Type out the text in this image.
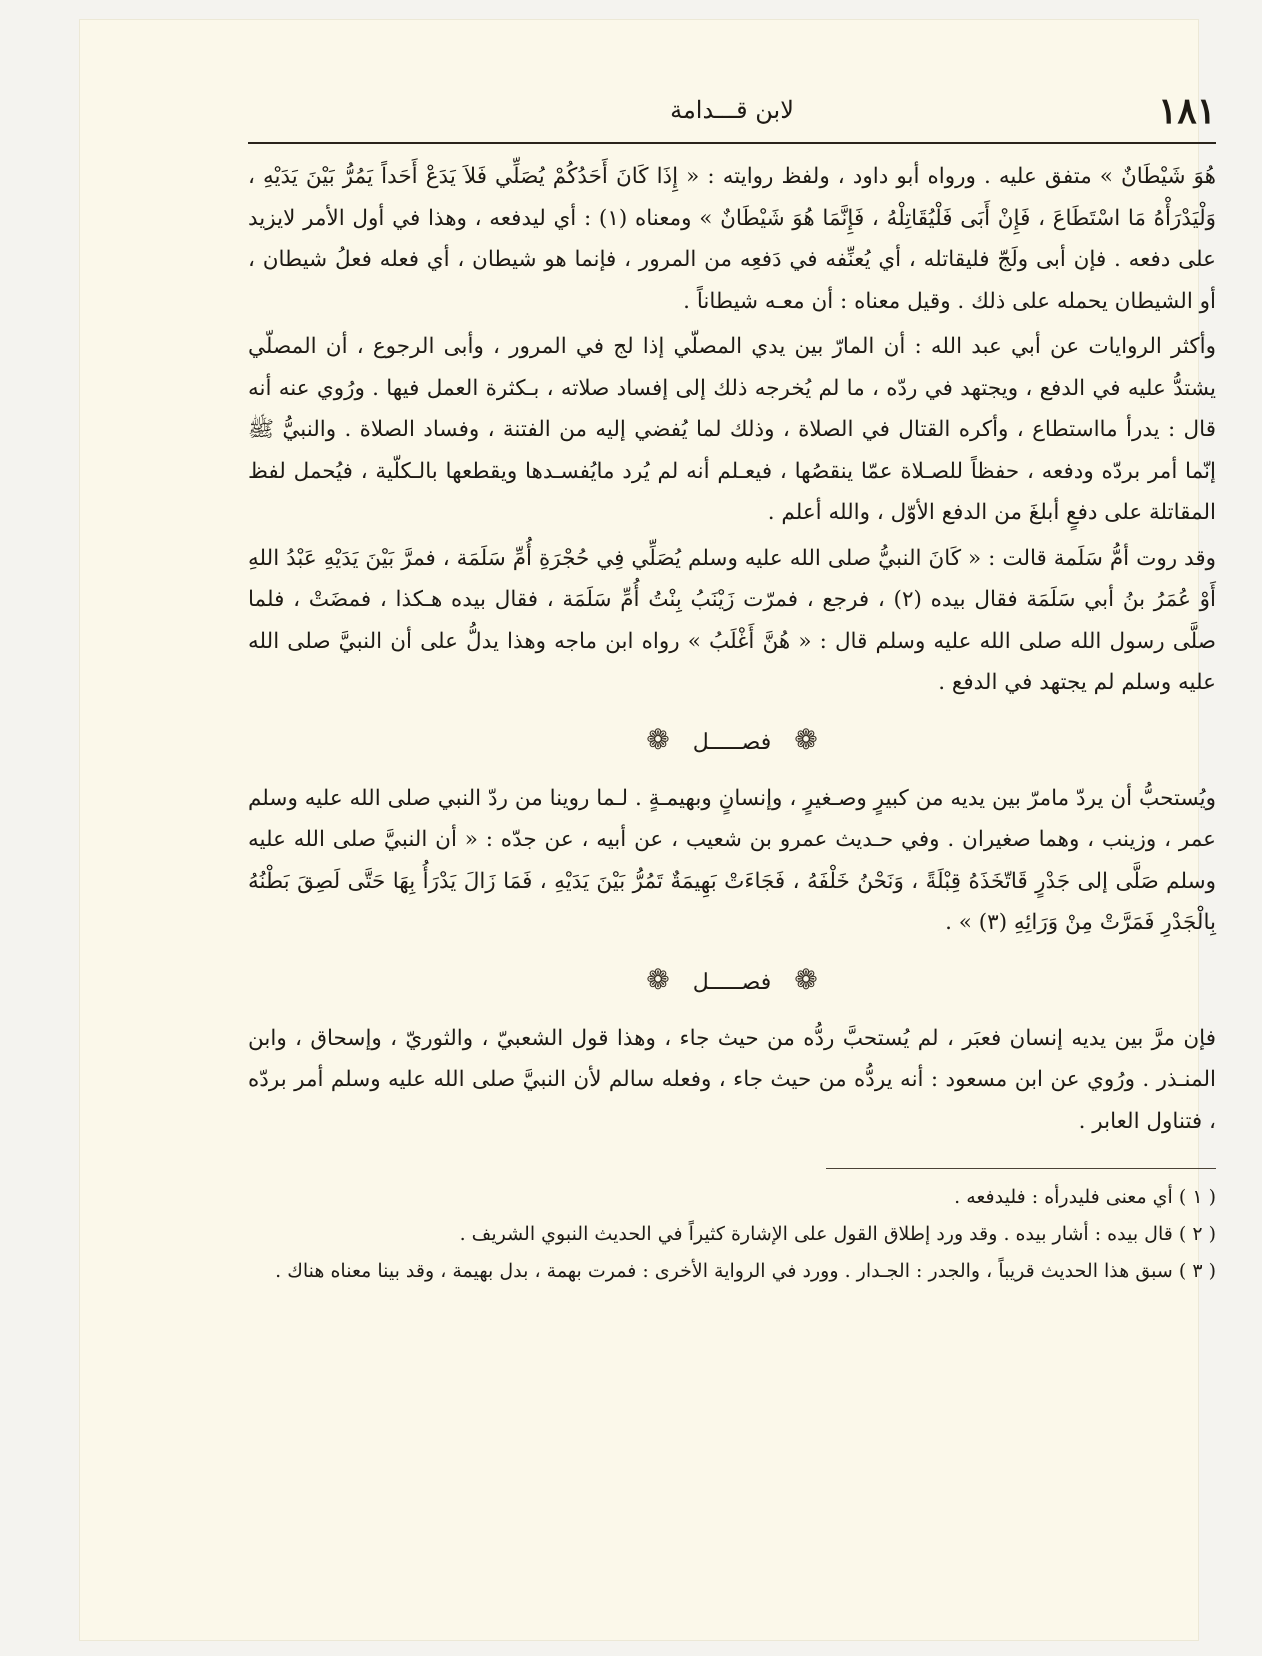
١٨١
لابن قـــدامة

هُوَ شَيْطَانٌ » متفق عليه . ورواه أبو داود ، ولفظ روايته : « إِذَا كَانَ أَحَدُكُمْ يُصَلِّي فَلاَ يَدَعْ أَحَداً يَمُرُّ بَيْنَ يَدَيْهِ ، وَلْيَدْرَأْهُ مَا اسْتَطَاعَ ، فَإِنْ أَبَى فَلْيُقَاتِلْهُ ، فَإِنَّمَا هُوَ شَيْطَانٌ » ومعناه (١) : أي ليدفعه ، وهذا في أول الأمر لايزيد على دفعه . فإن أبى ولَجّ فليقاتله ، أي يُعنِّفه في دَفعِه من المرور ، فإنما هو شيطان ، أي فعله فعلُ شيطان ، أو الشيطان يحمله على ذلك . وقيل معناه : أن معـه شيطاناً .

وأكثر الروايات عن أبي عبد الله : أن المارّ بين يدي المصلّي إذا لج في المرور ، وأبى الرجوع ، أن المصلّي يشتدُّ عليه في الدفع ، ويجتهد في ردّه ، ما لم يُخرجه ذلك إلى إفساد صلاته ، بـكثرة العمل فيها . ورُوي عنه أنه قال : يدرأ مااستطاع ، وأكره القتال في الصلاة ، وذلك لما يُفضي إليه من الفتنة ، وفساد الصلاة . والنبيُّ ﷺ إنّما أمر بردّه ودفعه ، حفظاً للصـلاة عمّا ينقصُها ، فيعـلم أنه لم يُرد مايُفسـدها ويقطعها بالـكلّية ، فيُحمل لفظ المقاتلة على دفعٍ أبلغَ من الدفع الأوّل ، والله أعلم .

وقد روت أمُّ سَلَمة قالت : « كَانَ النبيُّ صلى الله عليه وسلم يُصَلِّي فِي حُجْرَةِ أُمِّ سَلَمَة ، فمرَّ بَيْنَ يَدَيْهِ عَبْدُ اللهِ أَوْ عُمَرُ بنُ أبي سَلَمَة فقال بيده (٢) ، فرجع ، فمرّت زَيْنَبُ بِنْتُ أُمِّ سَلَمَة ، فقال بيده هـكذا ، فمضَتْ ، فلما صلَّى رسول الله صلى الله عليه وسلم قال : « هُنَّ أَغْلَبُ » رواه ابن ماجه وهذا يدلُّ على أن النبيَّ صلى الله عليه وسلم لم يجتهد في الدفع .

❁ فصـــــل ❁

ويُستحبُّ أن يردّ مامرّ بين يديه من كبيرٍ وصـغيرٍ ، وإنسانٍ وبهيمـةٍ . لـما روينا من ردّ النبي صلى الله عليه وسلم عمر ، وزينب ، وهما صغيران . وفي حـديث عمرو بن شعيب ، عن أبيه ، عن جدّه : « أن النبيَّ صلى الله عليه وسلم صَلَّى إلى جَدْرٍ قَاتّخَذَهُ قِبْلَةً ، وَنَحْنُ خَلْفَهُ ، فَجَاءَتْ بَهِيمَةٌ تَمُرُّ بَيْنَ يَدَيْهِ ، فَمَا زَالَ يَدْرَأُ بِهَا حَتَّى لَصِقَ بَطْنُهُ بِالْجَدْرِ فَمَرَّتْ مِنْ وَرَائِهِ (٣) » .

❁ فصـــــل ❁

فإن مرَّ بين يديه إنسان فعبَر ، لم يُستحبَّ ردُّه من حيث جاء ، وهذا قول الشعبيّ ، والثوريّ ، وإسحاق ، وابن المنـذر . ورُوي عن ابن مسعود : أنه يردُّه من حيث جاء ، وفعله سالم لأن النبيَّ صلى الله عليه وسلم أمر بردّه ، فتناول العابر .

( ١ ) أي معنى فليدرأه : فليدفعه .

( ٢ ) قال بيده : أشار بيده . وقد ورد إطلاق القول على الإشارة كثيراً في الحديث النبوي الشريف .

( ٣ ) سبق هذا الحديث قريباً ، والجدر : الجـدار . وورد في الرواية الأخرى : فمرت بهمة ، بدل بهيمة ، وقد بينا معناه هناك .
